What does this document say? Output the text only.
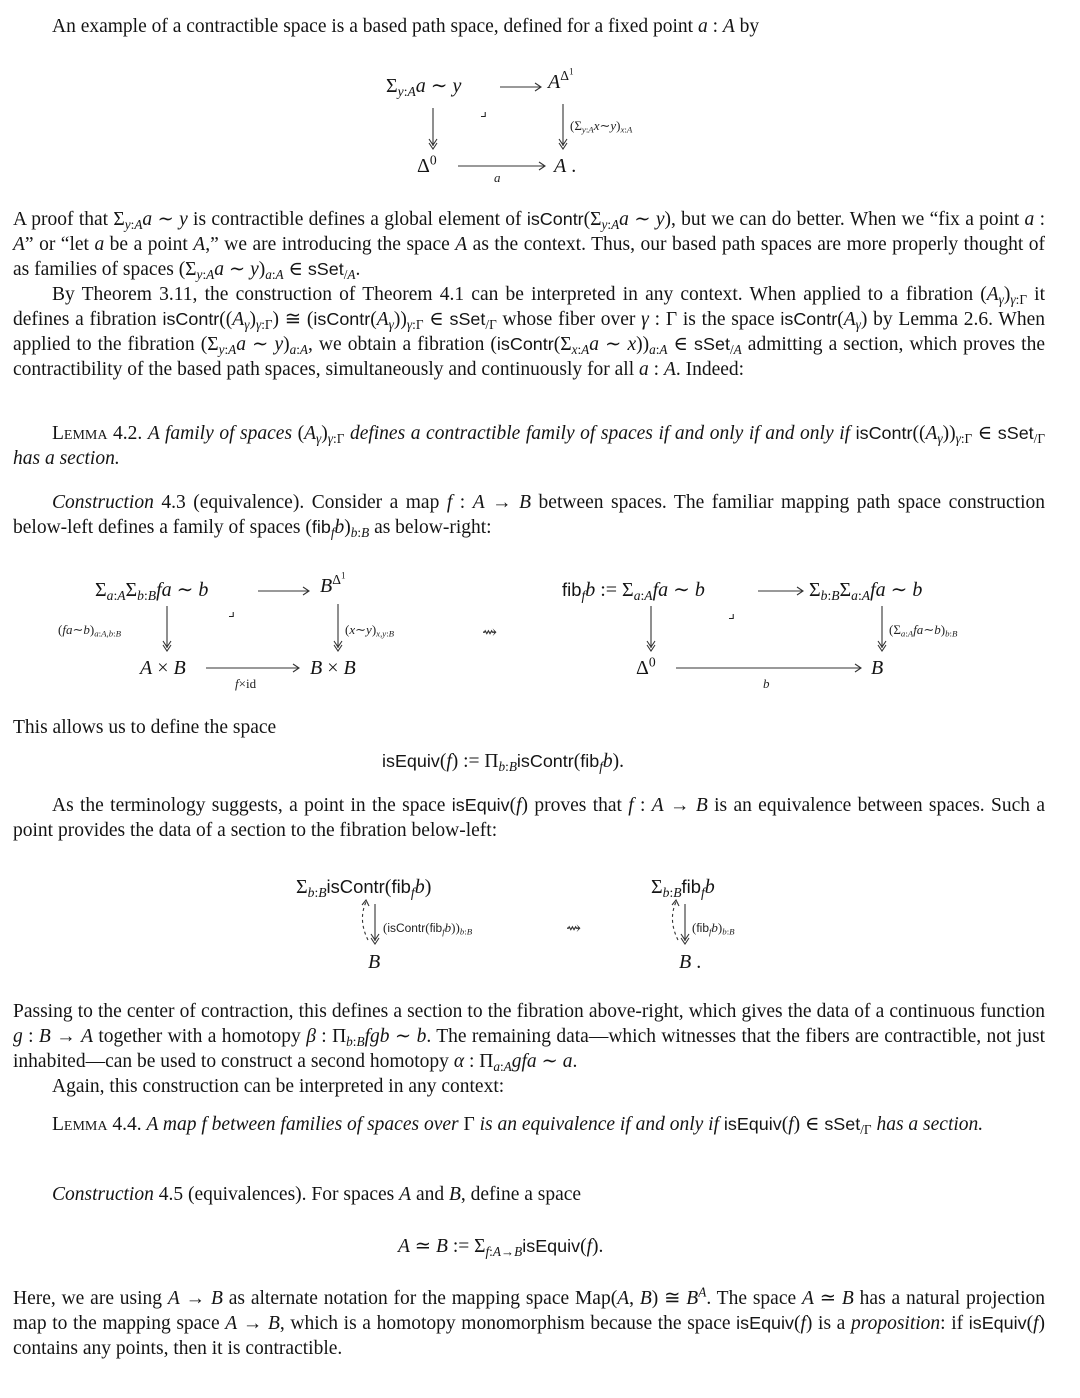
An example of a contractible space is a based path space, defined for a fixed point a : A by
$\Sigma_{y:A}a$ ∼ y	$A^{\Delta^1}$
$\Delta^0$	A .
$(\Sigma_{y:A}x\sim y)_{x:A}$
a
⌟
A proof that $\Sigma_{y:A}a$ ∼ y is contractible defines a global element of $isContr(\Sigma_{y:A}a$ ∼ y), but we can do better. When we “fix a point a : A” or “let a be a point A,” we are introducing the space A as the context. Thus, our based path spaces are more properly thought of as families of spaces ($\Sigma_{y:A}a$ ∼ $y)_{a:A}$ ∈ sSet$_{/A}$.
By Theorem 3.11, the construction of Theorem 4.1 can be interpreted in any context. When applied to a fibration $(A_\gamma)_{\gamma:\Gamma}$ it defines a fibration $isContr((A_\gamma)_{\gamma:\Gamma})$ ≅ $(isContr(A_\gamma))_{\gamma:\Gamma}$ ∈ sSet$_{/\Gamma}$ whose fiber over γ : Γ is the space $isContr(A_\gamma)$ by Lemma 2.6. When applied to the fibration ($\Sigma_{y:A}a$ ∼ $y)_{a:A}$, we obtain a fibration ($isContr(\Sigma_{x:A}a$ ∼ $x))_{a:A}$ ∈ sSet$_{/A}$ admitting a section, which proves the contractibility of the based path spaces, simultaneously and continuously for all a : A. Indeed:
Lemma 4.2. A family of spaces $(A_\gamma)_{\gamma:\Gamma}$ defines a contractible family of spaces if and only if and only if $isContr((A_\gamma))_{\gamma:\Gamma}$ ∈ sSet$_{/\Gamma}$ has a section.
Construction 4.3 (equivalence). Consider a map f : A → B between spaces. The familiar mapping path space construction below-left defines a family of spaces $(fib_fb)_{b:B}$ as below-right:
$\Sigma_{a:A}\Sigma_{b:B}fa$ ∼ b	$B^{\Delta^1}$
A × B	B × B
$(fa\sim b)_{a:A,b:B}$	$(x\sim y)_{x,y:B}$
f×id
⌟
⇝
fib$_f$b := $\Sigma_{a:A}fa$ ∼ b	$\Sigma_{b:B}\Sigma_{a:A}fa$ ∼ b
$\Delta^0$	B
$(\Sigma_{a:A}fa\sim b)_{b:B}$
b
⌟
This allows us to define the space
isEquiv(f) := $\Pi_{b:B}isContr(fib_fb)$.
As the terminology suggests, a point in the space isEquiv(f) proves that f : A → B is an equivalence between spaces. Such a point provides the data of a section to the fibration below-left:
$\Sigma_{b:B}isContr(fib_fb)$
$(isContr(fib_fb))_{b:B}$
B
⇝
$\Sigma_{b:B}fib_fb$
$(fib_fb)_{b:B}$
B .
Passing to the center of contraction, this defines a section to the fibration above-right, which gives the data of a continuous function g : B → A together with a homotopy β : $\Pi_{b:B}fgb$ ∼ b. The remaining data—which witnesses that the fibers are contractible, not just inhabited—can be used to construct a second homotopy α : $\Pi_{a:A}gfa$ ∼ a.
Again, this construction can be interpreted in any context:
Lemma 4.4. A map f between families of spaces over Γ is an equivalence if and only if isEquiv(f) ∈ sSet$_{/\Gamma}$ has a section.
Construction 4.5 (equivalences). For spaces A and B, define a space
A ≃ B := $\Sigma_{f:A\to B}isEquiv(f)$.
Here, we are using A → B as alternate notation for the mapping space Map(A, B) ≅ $B^A$. The space A ≃ B has a natural projection map to the mapping space A → B, which is a homotopy monomorphism because the space isEquiv(f) is a proposition: if isEquiv(f) contains any points, then it is contractible.
